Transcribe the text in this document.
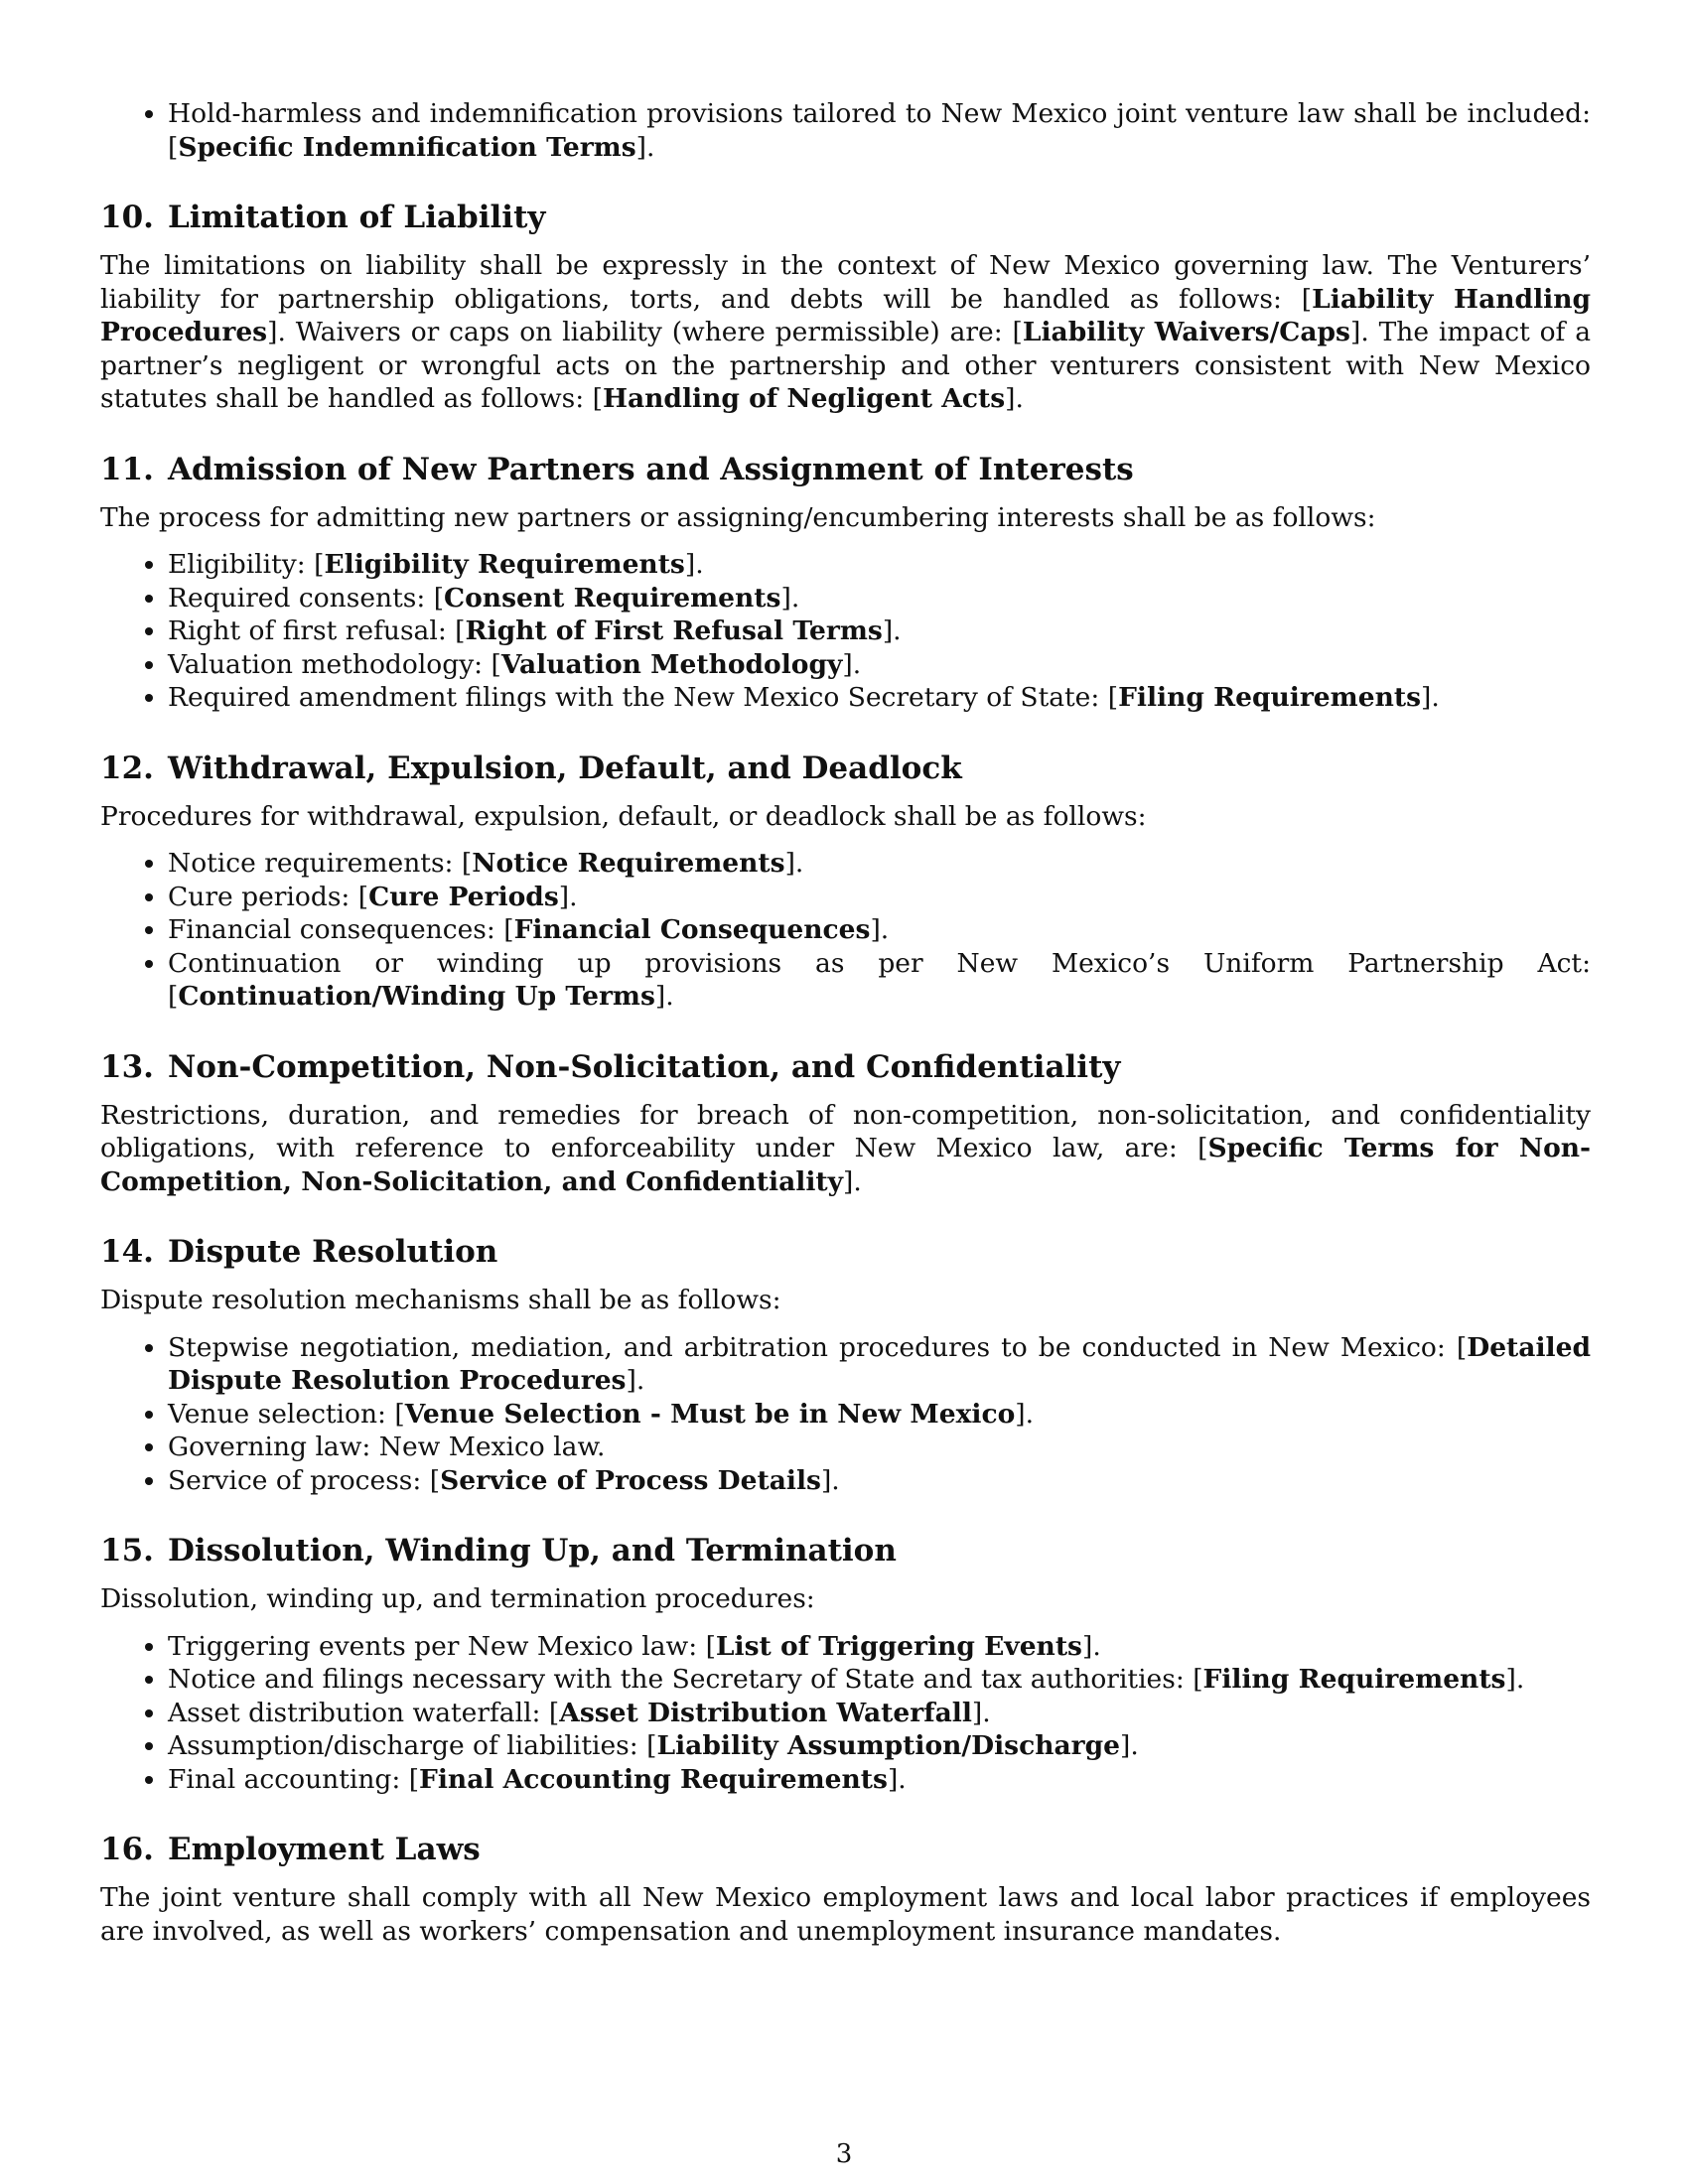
• Hold-harmless and indemnification provisions tailored to New Mexico joint venture law shall be included: [Specific Indemnification Terms].
10. Limitation of Liability
The limitations on liability shall be expressly in the context of New Mexico governing law. The Venturers’ liability for partnership obligations, torts, and debts will be handled as follows: [Liability Handling Procedures]. Waivers or caps on liability (where permissible) are: [Liability Waivers/Caps]. The impact of a partner’s negligent or wrongful acts on the partnership and other venturers consistent with New Mexico statutes shall be handled as follows: [Handling of Negligent Acts].
11. Admission of New Partners and Assignment of Interests
The process for admitting new partners or assigning/encumbering interests shall be as follows:
• Eligibility: [Eligibility Requirements].
• Required consents: [Consent Requirements].
• Right of first refusal: [Right of First Refusal Terms].
• Valuation methodology: [Valuation Methodology].
• Required amendment filings with the New Mexico Secretary of State: [Filing Requirements].
12. Withdrawal, Expulsion, Default, and Deadlock
Procedures for withdrawal, expulsion, default, or deadlock shall be as follows:
• Notice requirements: [Notice Requirements].
• Cure periods: [Cure Periods].
• Financial consequences: [Financial Consequences].
• Continuation or winding up provisions as per New Mexico’s Uniform Partnership Act: [Continuation/Winding Up Terms].
13. Non-Competition, Non-Solicitation, and Confidentiality
Restrictions, duration, and remedies for breach of non-competition, non-solicitation, and confidentiality obligations, with reference to enforceability under New Mexico law, are: [Specific Terms for Non-Competition, Non-Solicitation, and Confidentiality].
14. Dispute Resolution
Dispute resolution mechanisms shall be as follows:
• Stepwise negotiation, mediation, and arbitration procedures to be conducted in New Mexico: [Detailed Dispute Resolution Procedures].
• Venue selection: [Venue Selection - Must be in New Mexico].
• Governing law: New Mexico law.
• Service of process: [Service of Process Details].
15. Dissolution, Winding Up, and Termination
Dissolution, winding up, and termination procedures:
• Triggering events per New Mexico law: [List of Triggering Events].
• Notice and filings necessary with the Secretary of State and tax authorities: [Filing Requirements].
• Asset distribution waterfall: [Asset Distribution Waterfall].
• Assumption/discharge of liabilities: [Liability Assumption/Discharge].
• Final accounting: [Final Accounting Requirements].
16. Employment Laws
The joint venture shall comply with all New Mexico employment laws and local labor practices if employees are involved, as well as workers’ compensation and unemployment insurance mandates.
3
